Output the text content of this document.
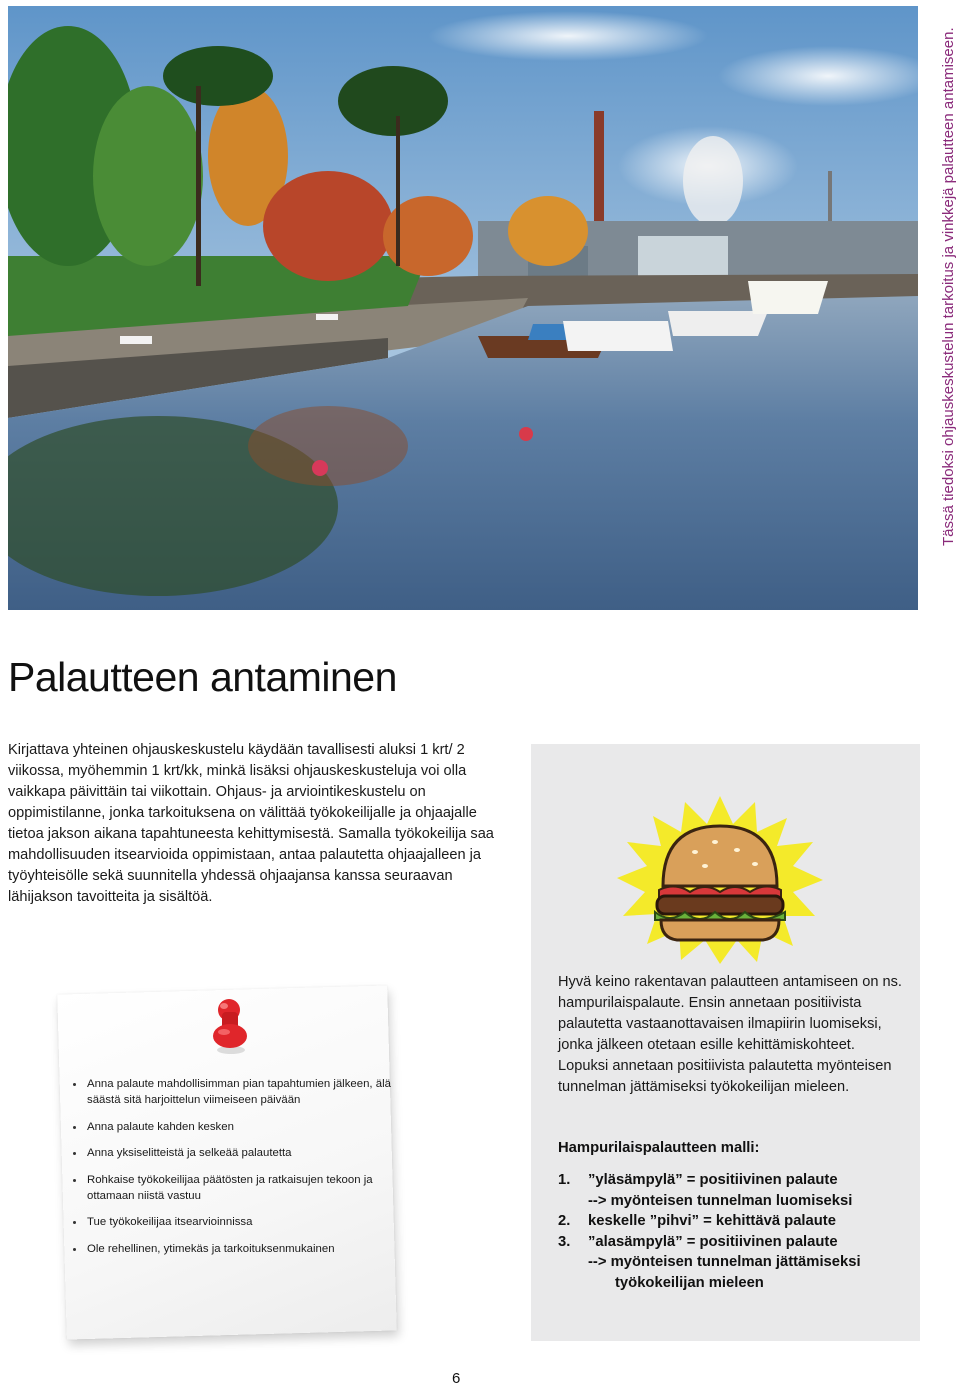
Tässä tiedoksi ohjauskeskustelun tarkoitus ja vinkkejä palautteen antamiseen.
Palautteen antaminen

Kirjattava yhteinen ohjauskeskustelu käydään tavallisesti aluksi 1 krt/ 2 viikossa, myöhemmin 1 krt/kk, minkä lisäksi ohjauskeskusteluja voi olla vaikkapa päivittäin tai viikottain. Ohjaus- ja arviointikeskustelu on oppimistilanne, jonka tarkoituksena on välittää työkokeilijalle ja ohjaajalle tietoa jakson aikana tapahtuneesta kehittymisestä. Samalla työkokeilija saa mahdollisuuden itsearvioida oppimistaan, antaa palautetta ohjaajalleen ja työyhteisölle sekä suunnitella yhdessä ohjaajansa kanssa seuraavan lähijakson tavoitteita ja sisältöä.

Hyvä keino rakentavan palautteen antamiseen on ns. hampurilaispalaute. Ensin annetaan positiivista palautetta vastaanottavaisen ilmapiirin luomiseksi, jonka jälkeen otetaan esille kehittämiskohteet. Lopuksi annetaan positiivista palautetta myönteisen tunnelman jättämiseksi työkokeilijan mieleen.

Hampurilaispalautteen malli:

1. ”yläsämpylä” = positiivinen palaute
--> myönteisen tunnelman luomiseksi
2. keskelle ”pihvi” = kehittävä palaute
3. ”alasämpylä” = positiivinen palaute
--> myönteisen tunnelman jättämiseksi
työkokeilijan mieleen
Anna palaute mahdollisimman pian tapahtumien jälkeen, älä säästä sitä harjoittelun viimeiseen päivään
Anna palaute kahden kesken
Anna yksiselitteistä ja selkeää palautetta
Rohkaise työkokeilijaa päätösten ja ratkaisujen tekoon ja ottamaan niistä vastuu
Tue työkokeilijaa itsearvioinnissa
Ole rehellinen, ytimekäs ja tarkoituksenmukainen
6
